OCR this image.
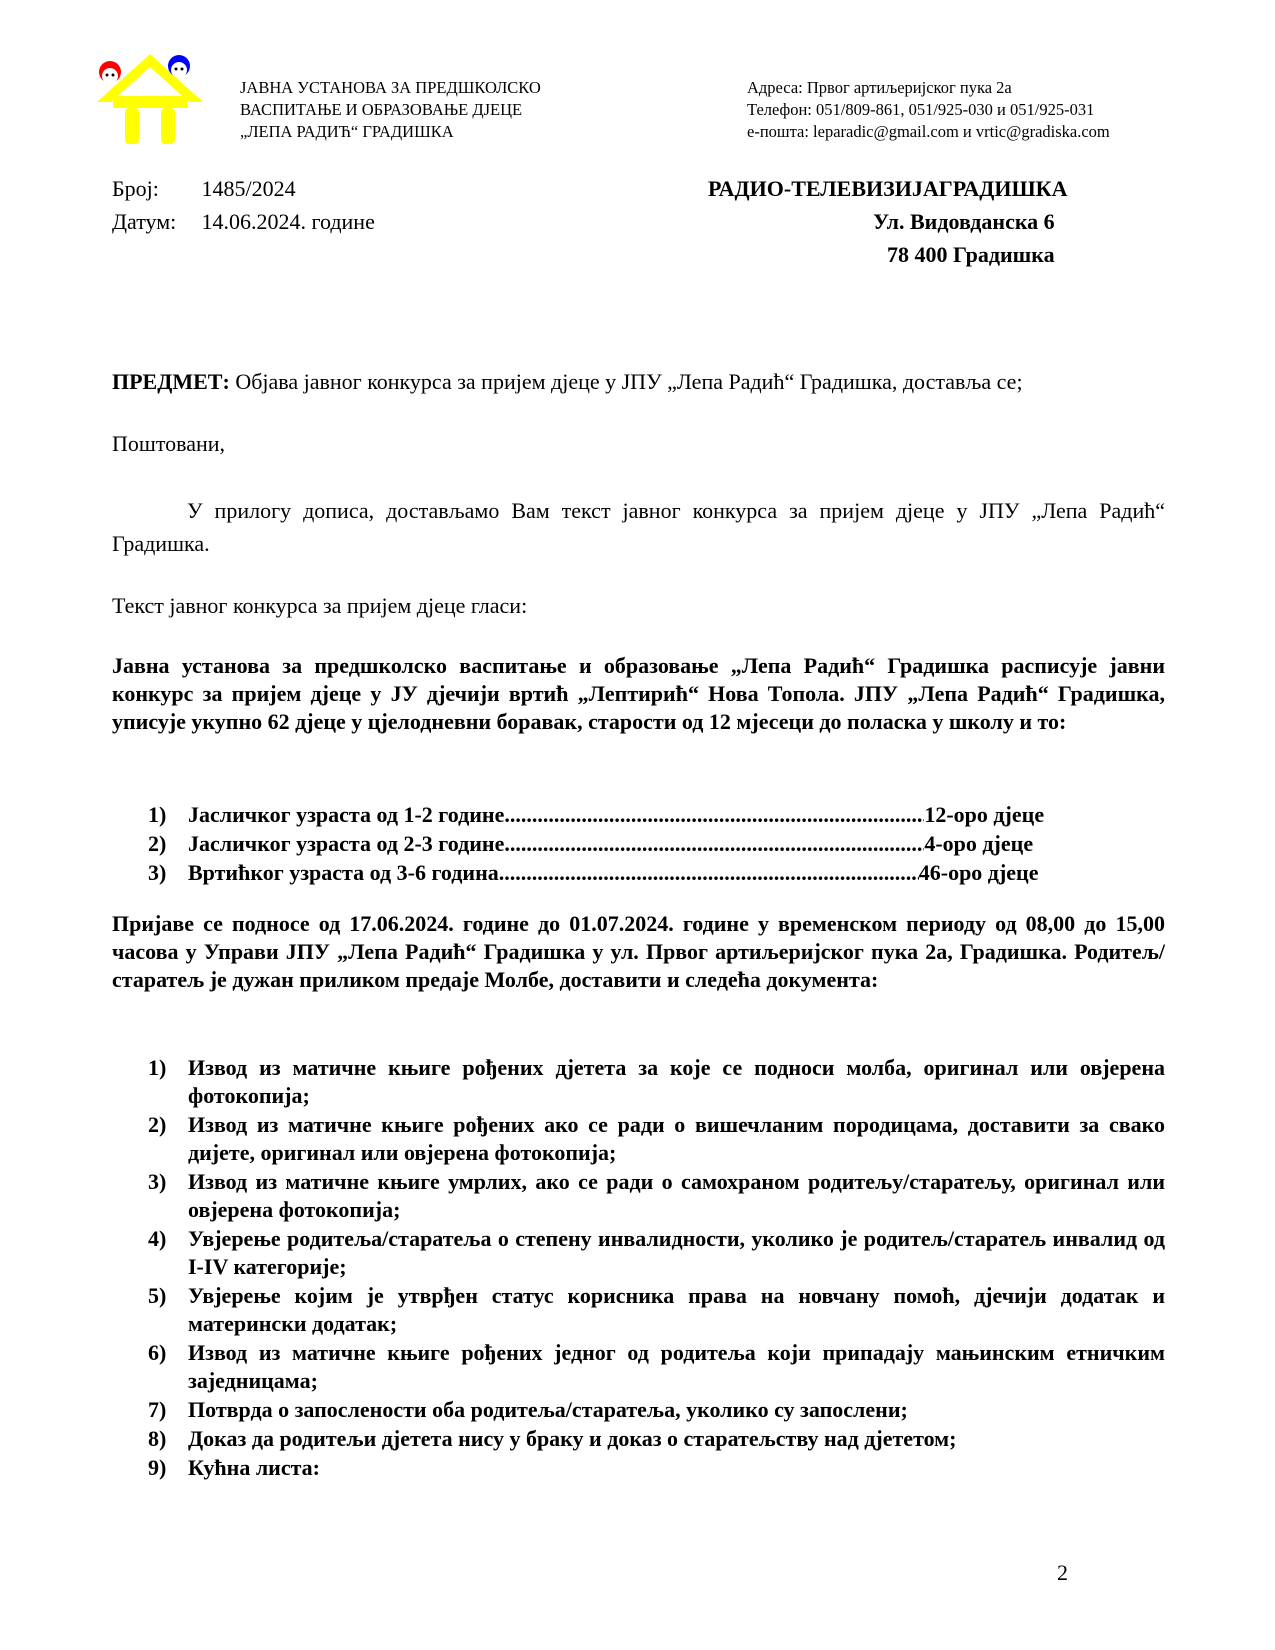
ЈАВНА УСТАНОВА ЗА ПРЕДШКОЛСКО
ВАСПИТАЊЕ И ОБРАЗОВАЊЕ ДЈЕЦЕ
„ЛЕПА РАДИЋ“ ГРАДИШКА
Адреса: Првог артиљеријског пука 2а
Телефон: 051/809-861, 051/925-030 и 051/925-031
e-пошта: leparadic@gmail.com и vrtic@gradiska.com
Број: 1485/2024
Датум: 14.06.2024. године
РАДИО-ТЕЛЕВИЗИЈАГРАДИШКА
Ул. Видовданска 6
78 400 Градишка
ПРЕДМЕТ: Објава јавног конкурса за пријем дјеце у ЈПУ „Лепа Радић“ Градишка, доставља се;
Поштовани,
У прилогу дописа, достављамо Вам текст јавног конкурса за пријем дјеце у ЈПУ „Лепа Радић“ Градишка.
Текст јавног конкурса за пријем дјеце гласи:
Јавна установа за предшколско васпитање и образовање „Лепа Радић“ Градишка расписује јавни конкурс за пријем дјеце у ЈУ дјечији вртић „Лептирић“ Нова Топола. ЈПУ „Лепа Радић“ Градишка, уписује укупно 62 дјеце у цјелодневни боравак, старости од 12 мјесеци до поласка у школу и то:
1) Јасличког узраста од 1-2 године .....	12-оро дјеце
2) Јасличког узраста од 2-3 године .....	4-оро дјеце
3) Вртићког узраста од 3-6 година .....	46-оро дјеце
Пријаве се подносе од 17.06.2024. године до 01.07.2024. године у временском периоду од 08,00 до 15,00 часова у Управи ЈПУ „Лепа Радић“ Градишка у ул. Првог артиљеријског пука 2а, Градишка. Родитељ/старатељ је дужан приликом предаје Молбе, доставити и следећа документа:
1) Извод из матичне књиге рођених дјетета за које се подноси молба, оригинал или овјерена фотокопија;
2) Извод из матичне књиге рођених ако се ради о вишечланим породицама, доставити за свако дијете, оригинал или овјерена фотокопија;
3) Извод из матичне књиге умрлих, ако се ради о самохраном родитељу/старатељу, оригинал или овјерена фотокопија;
4) Увјерење родитеља/старатеља о степену инвалидности, уколико је родитељ/старатељ инвалид од I-IV категорије;
5) Увјерење којим је утврђен статус корисника права на новчану помоћ, дјечији додатак и матерински додатак;
6) Извод из матичне књиге рођених једног од родитеља који припадају мањинским етничким заједницама;
7) Потврда о запослености оба родитеља/старатеља, уколико су запослени;
8) Доказ да родитељи дјетета нису у браку и доказ о старатељству над дјететом;
9) Кућна листа:
2
